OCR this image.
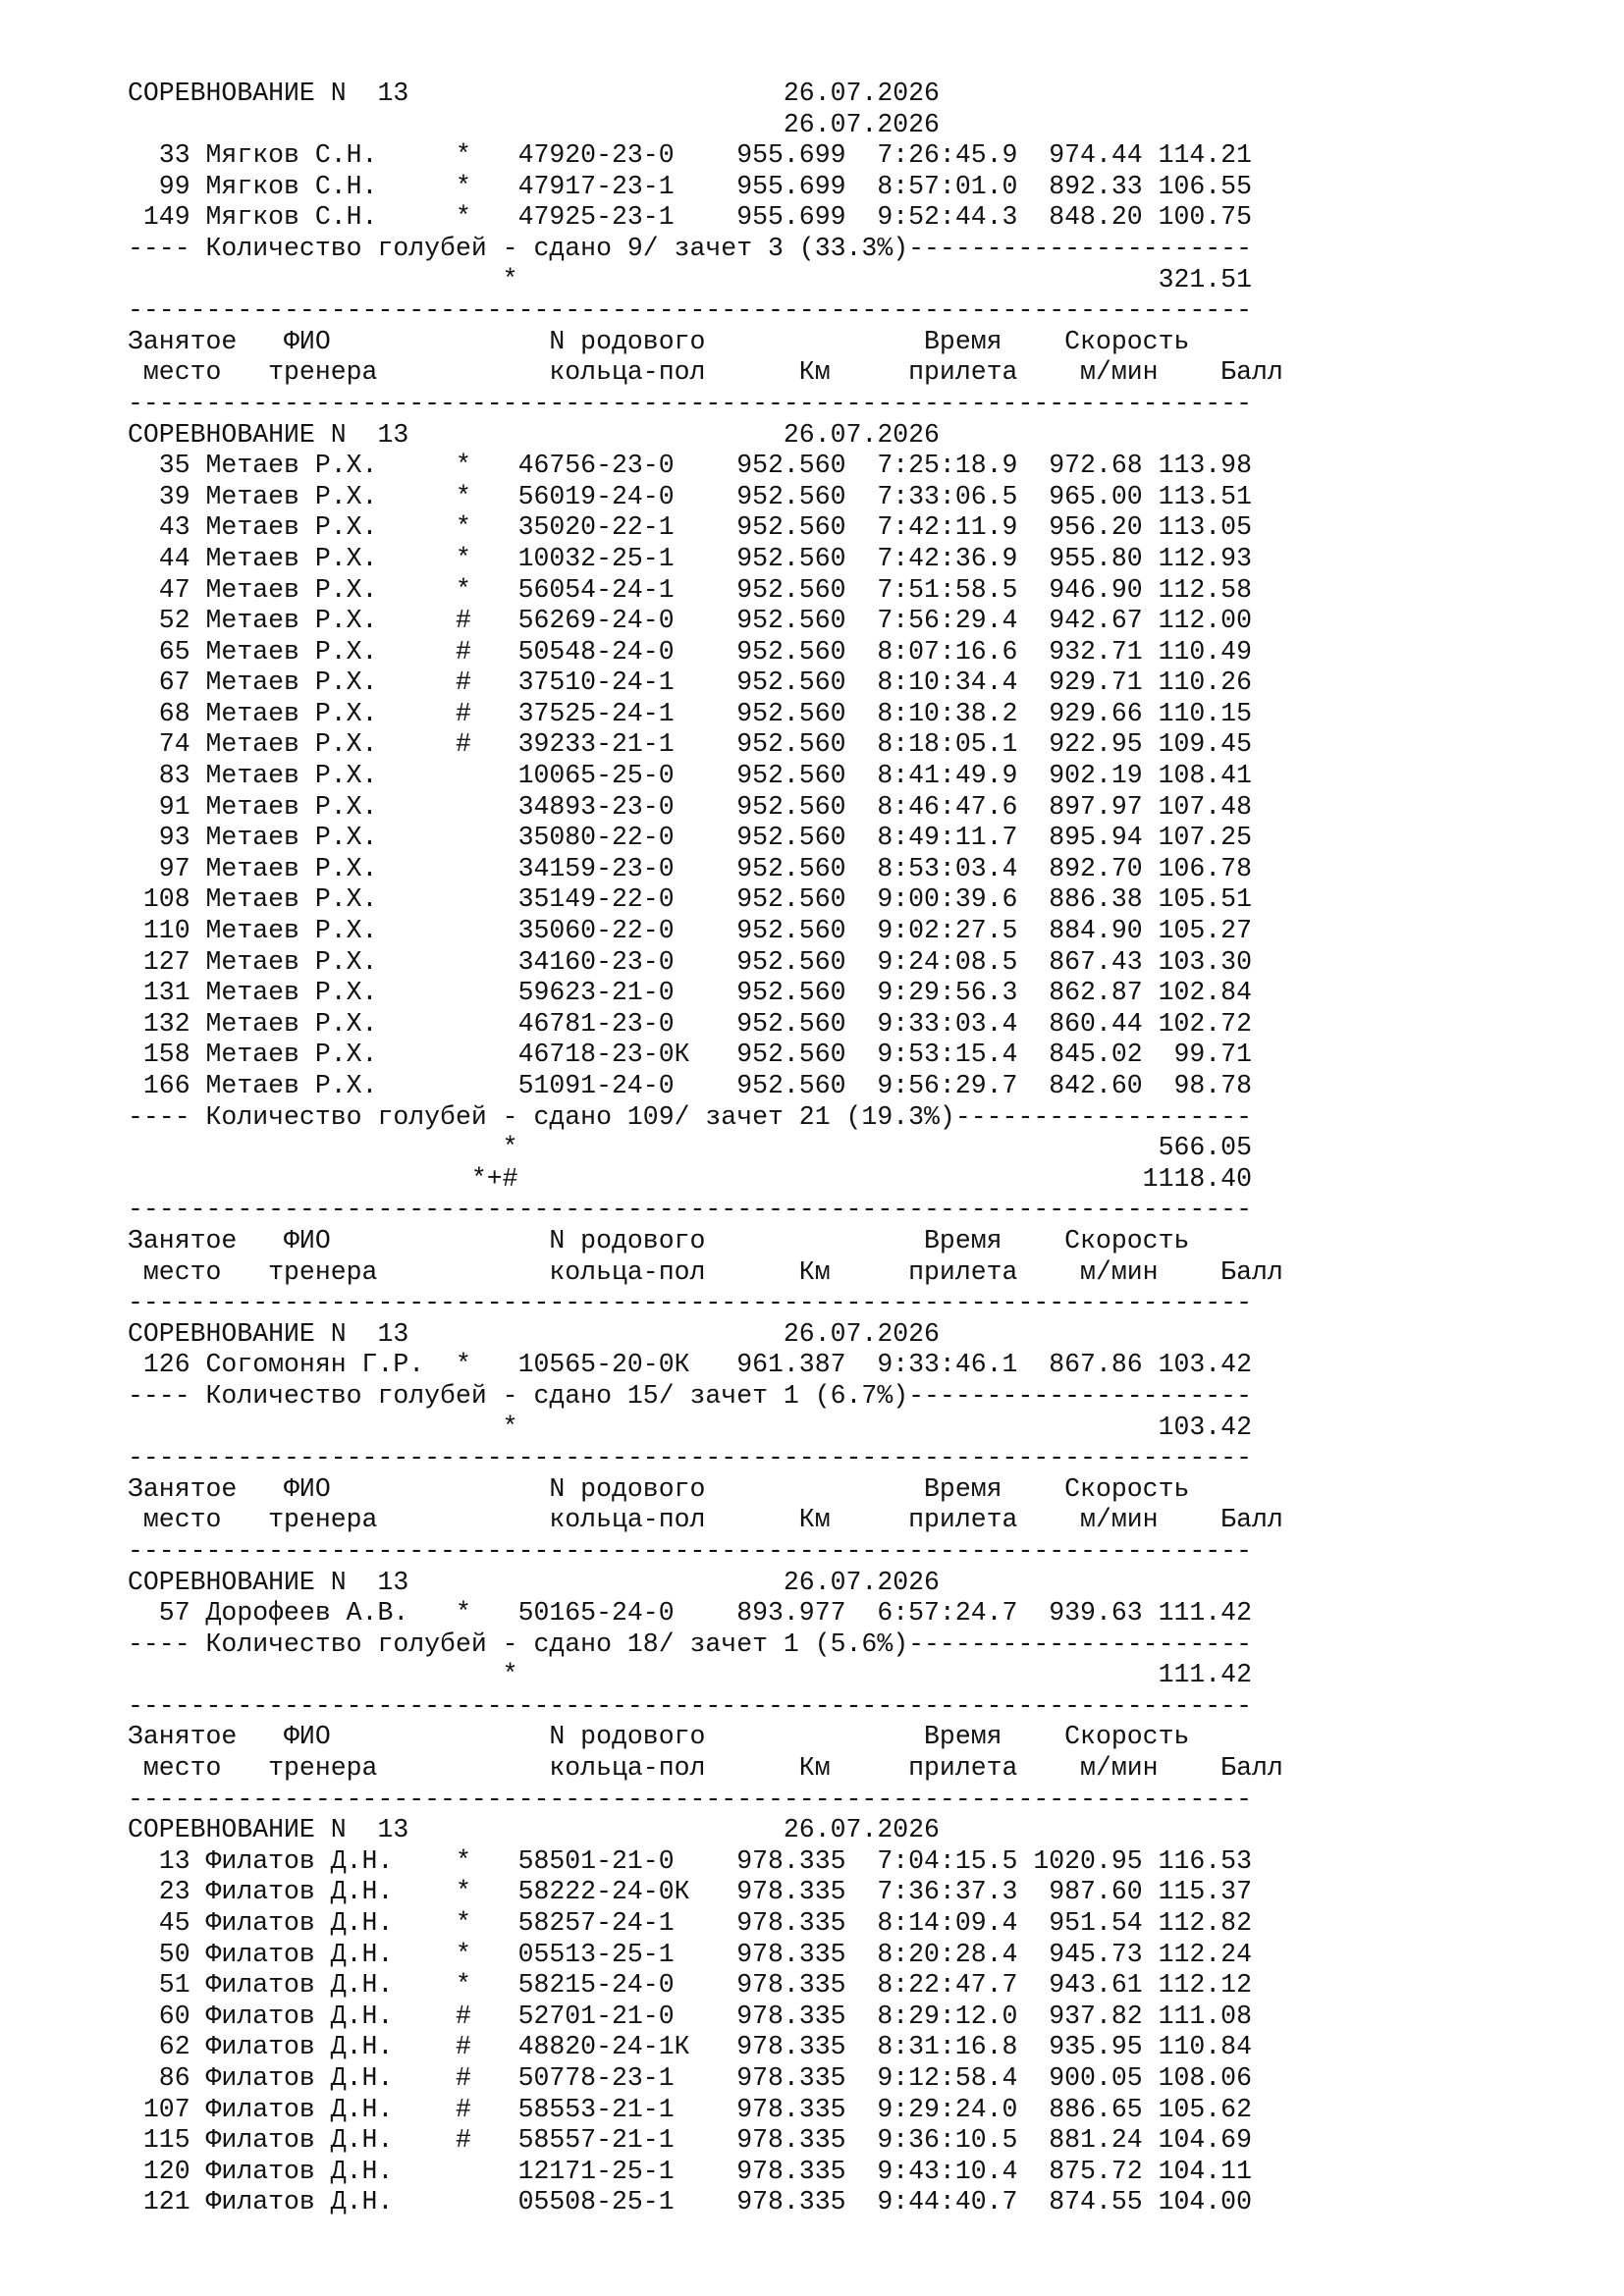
СОРЕВНОВАНИЕ N  13                        26.07.2026
26.07.2026
33 Мягков С.Н.     *   47920-23-0    955.699  7:26:45.9  974.44 114.21
99 Мягков С.Н.     *   47917-23-1    955.699  8:57:01.0  892.33 106.55
149 Мягков С.Н.     *   47925-23-1    955.699  9:52:44.3  848.20 100.75
---- Количество голубей - сдано 9/ зачет 3 (33.3%)----------------------
*                                         321.51
------------------------------------------------------------------------
Занятое   ФИО              N родового              Время    Скорость
место   тренера           кольца-пол      Км     прилета    м/мин    Балл
------------------------------------------------------------------------
СОРЕВНОВАНИЕ N  13                        26.07.2026
35 Метаев Р.Х.     *   46756-23-0    952.560  7:25:18.9  972.68 113.98
39 Метаев Р.Х.     *   56019-24-0    952.560  7:33:06.5  965.00 113.51
43 Метаев Р.Х.     *   35020-22-1    952.560  7:42:11.9  956.20 113.05
44 Метаев Р.Х.     *   10032-25-1    952.560  7:42:36.9  955.80 112.93
47 Метаев Р.Х.     *   56054-24-1    952.560  7:51:58.5  946.90 112.58
52 Метаев Р.Х.     #   56269-24-0    952.560  7:56:29.4  942.67 112.00
65 Метаев Р.Х.     #   50548-24-0    952.560  8:07:16.6  932.71 110.49
67 Метаев Р.Х.     #   37510-24-1    952.560  8:10:34.4  929.71 110.26
68 Метаев Р.Х.     #   37525-24-1    952.560  8:10:38.2  929.66 110.15
74 Метаев Р.Х.     #   39233-21-1    952.560  8:18:05.1  922.95 109.45
83 Метаев Р.Х.         10065-25-0    952.560  8:41:49.9  902.19 108.41
91 Метаев Р.Х.         34893-23-0    952.560  8:46:47.6  897.97 107.48
93 Метаев Р.Х.         35080-22-0    952.560  8:49:11.7  895.94 107.25
97 Метаев Р.Х.         34159-23-0    952.560  8:53:03.4  892.70 106.78
108 Метаев Р.Х.         35149-22-0    952.560  9:00:39.6  886.38 105.51
110 Метаев Р.Х.         35060-22-0    952.560  9:02:27.5  884.90 105.27
127 Метаев Р.Х.         34160-23-0    952.560  9:24:08.5  867.43 103.30
131 Метаев Р.Х.         59623-21-0    952.560  9:29:56.3  862.87 102.84
132 Метаев Р.Х.         46781-23-0    952.560  9:33:03.4  860.44 102.72
158 Метаев Р.Х.         46718-23-0К   952.560  9:53:15.4  845.02  99.71
166 Метаев Р.Х.         51091-24-0    952.560  9:56:29.7  842.60  98.78
---- Количество голубей - сдано 109/ зачет 21 (19.3%)-------------------
*                                         566.05
*+#                                        1118.40
------------------------------------------------------------------------
Занятое   ФИО              N родового              Время    Скорость
место   тренера           кольца-пол      Км     прилета    м/мин    Балл
------------------------------------------------------------------------
СОРЕВНОВАНИЕ N  13                        26.07.2026
126 Согомонян Г.Р.  *   10565-20-0К   961.387  9:33:46.1  867.86 103.42
---- Количество голубей - сдано 15/ зачет 1 (6.7%)----------------------
*                                         103.42
------------------------------------------------------------------------
Занятое   ФИО              N родового              Время    Скорость
место   тренера           кольца-пол      Км     прилета    м/мин    Балл
------------------------------------------------------------------------
СОРЕВНОВАНИЕ N  13                        26.07.2026
57 Дорофеев А.В.   *   50165-24-0    893.977  6:57:24.7  939.63 111.42
---- Количество голубей - сдано 18/ зачет 1 (5.6%)----------------------
*                                         111.42
------------------------------------------------------------------------
Занятое   ФИО              N родового              Время    Скорость
место   тренера           кольца-пол      Км     прилета    м/мин    Балл
------------------------------------------------------------------------
СОРЕВНОВАНИЕ N  13                        26.07.2026
13 Филатов Д.Н.    *   58501-21-0    978.335  7:04:15.5 1020.95 116.53
23 Филатов Д.Н.    *   58222-24-0К   978.335  7:36:37.3  987.60 115.37
45 Филатов Д.Н.    *   58257-24-1    978.335  8:14:09.4  951.54 112.82
50 Филатов Д.Н.    *   05513-25-1    978.335  8:20:28.4  945.73 112.24
51 Филатов Д.Н.    *   58215-24-0    978.335  8:22:47.7  943.61 112.12
60 Филатов Д.Н.    #   52701-21-0    978.335  8:29:12.0  937.82 111.08
62 Филатов Д.Н.    #   48820-24-1К   978.335  8:31:16.8  935.95 110.84
86 Филатов Д.Н.    #   50778-23-1    978.335  9:12:58.4  900.05 108.06
107 Филатов Д.Н.    #   58553-21-1    978.335  9:29:24.0  886.65 105.62
115 Филатов Д.Н.    #   58557-21-1    978.335  9:36:10.5  881.24 104.69
120 Филатов Д.Н.        12171-25-1    978.335  9:43:10.4  875.72 104.11
121 Филатов Д.Н.        05508-25-1    978.335  9:44:40.7  874.55 104.00
